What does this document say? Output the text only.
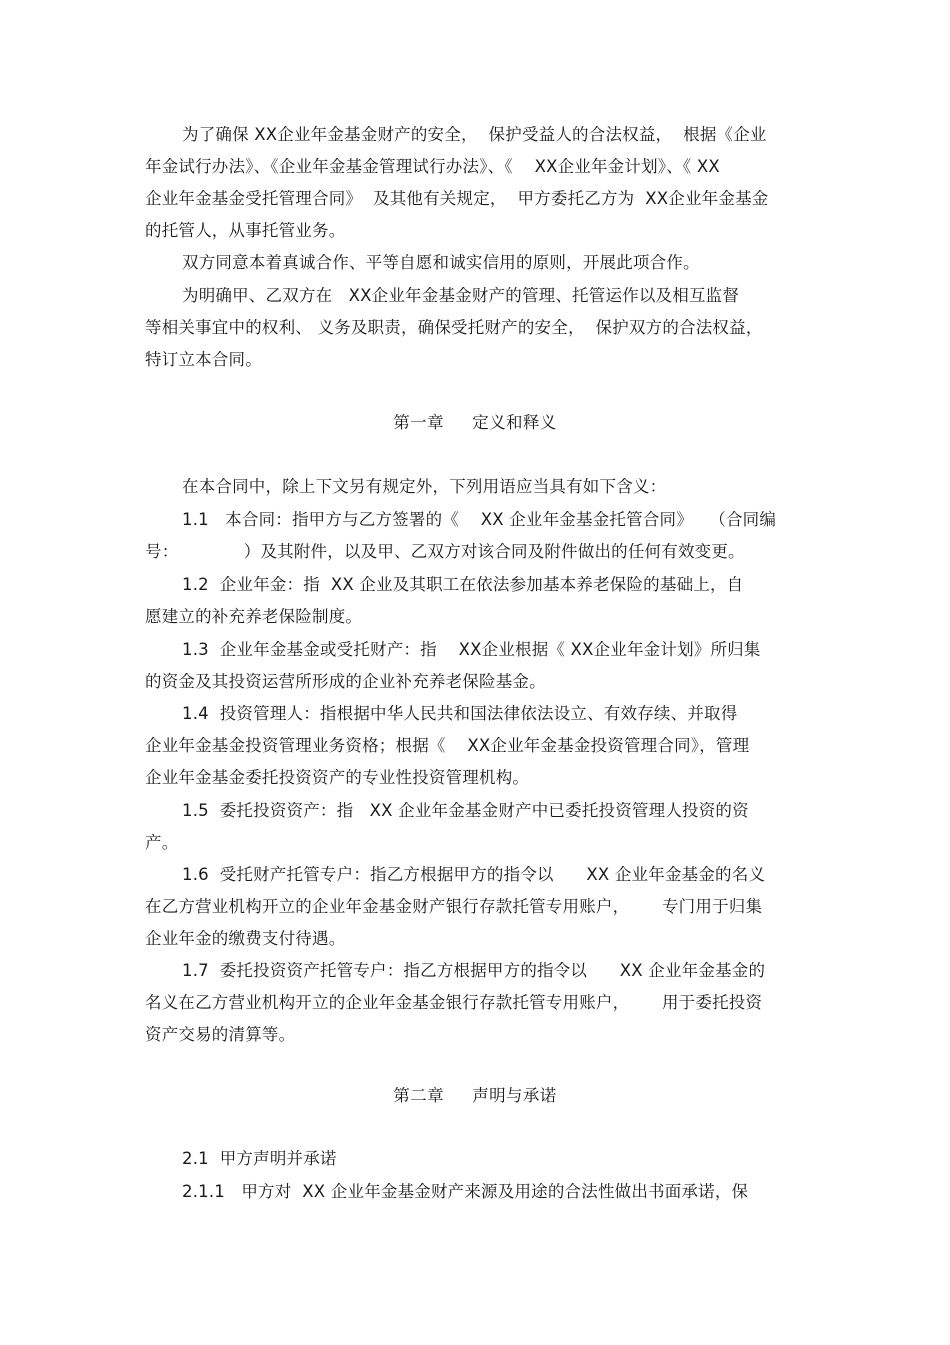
为了确保 XX企业年金基金财产的安全，  保护受益人的合法权益，  根据《企业
年金试行办法》、《企业年金基金管理试行办法》、《    XX企业年金计划》、《 XX
企业年金基金受托管理合同》  及其他有关规定，  甲方委托乙方为  XX企业年金基金
的托管人，从事托管业务。
双方同意本着真诚合作、平等自愿和诚实信用的原则，开展此项合作。
为明确甲、乙双方在   XX企业年金基金财产的管理、托管运作以及相互监督
等相关事宜中的权利、 义务及职责，确保受托财产的安全，  保护双方的合法权益，
特订立本合同。
第一章     定义和释义
在本合同中，除上下文另有规定外，下列用语应当具有如下含义：
1.1   本合同：指甲方与乙方签署的《    XX 企业年金基金托管合同》   （合同编
号：            ）及其附件，以及甲、乙双方对该合同及附件做出的任何有效变更。
1.2  企业年金：指  XX 企业及其职工在依法参加基本养老保险的基础上，自
愿建立的补充养老保险制度。
1.3  企业年金基金或受托财产：指    XX企业根据《 XX企业年金计划》所归集
的资金及其投资运营所形成的企业补充养老保险基金。
1.4  投资管理人：指根据中华人民共和国法律依法设立、有效存续、并取得
企业年金基金投资管理业务资格；根据《    XX企业年金基金投资管理合同》，管理
企业年金基金委托投资资产的专业性投资管理机构。
1.5  委托投资资产：指   XX 企业年金基金财产中已委托投资管理人投资的资
产。
1.6  受托财产托管专户：指乙方根据甲方的指令以      XX 企业年金基金的名义
在乙方营业机构开立的企业年金基金财产银行存款托管专用账户，      专门用于归集
企业年金的缴费支付待遇。
1.7  委托投资资产托管专户：指乙方根据甲方的指令以      XX 企业年金基金的
名义在乙方营业机构开立的企业年金基金银行存款托管专用账户，      用于委托投资
资产交易的清算等。
第二章     声明与承诺
2.1  甲方声明并承诺
2.1.1   甲方对  XX 企业年金基金财产来源及用途的合法性做出书面承诺，保
